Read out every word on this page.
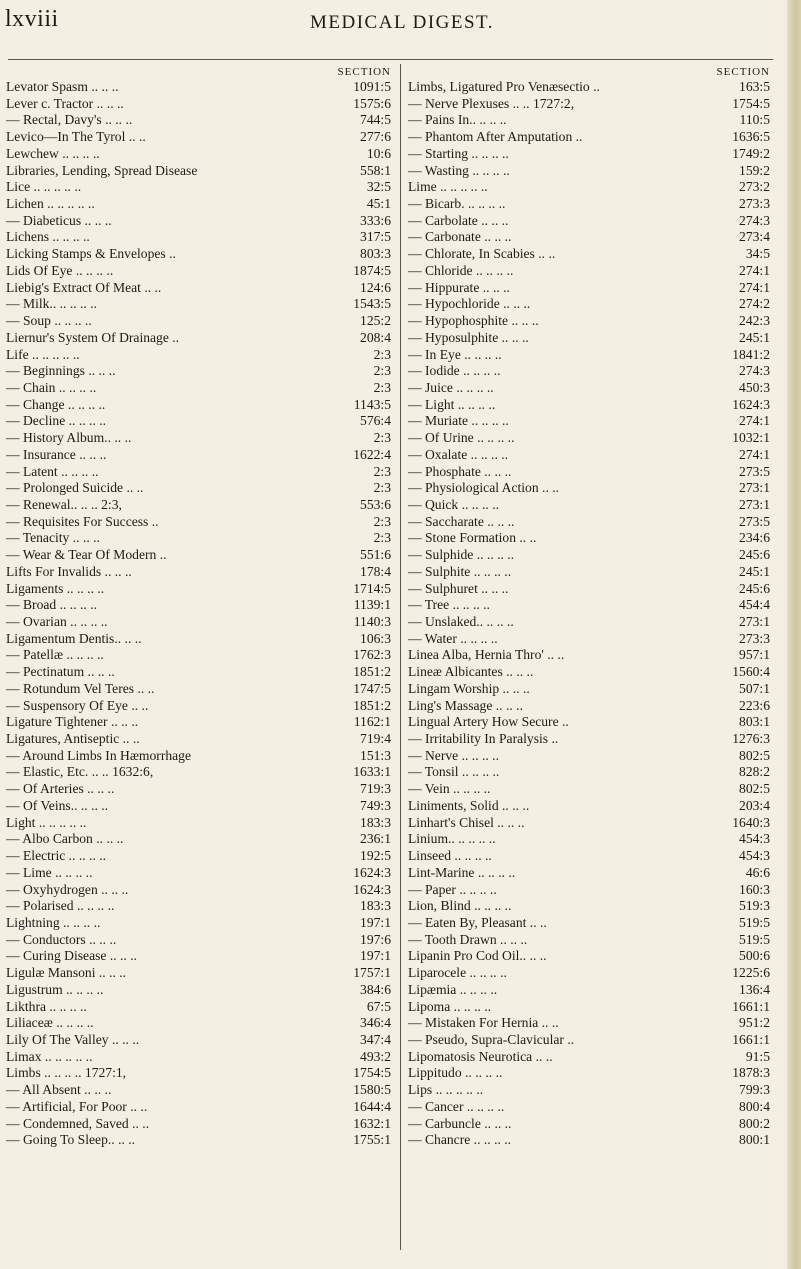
lxviii	MEDICAL DIGEST.
SECTION
Levator Spasm .. .. ..	1091:5
Lever c. Tractor .. .. ..	1575:6
— Rectal, Davy's .. .. ..	744:5
Levico—In The Tyrol .. ..	277:6
Lewchew .. .. .. ..	10:6
Libraries, Lending, Spread Disease	558:1
Lice .. .. .. .. ..	32:5
Lichen .. .. .. .. ..	45:1
— Diabeticus .. .. ..	333:6
Lichens .. .. .. ..	317:5
Licking Stamps & Envelopes ..	803:3
Lids Of Eye .. .. .. ..	1874:5
Liebig's Extract Of Meat .. ..	124:6
— Milk.. .. .. .. ..	1543:5
— Soup .. .. .. ..	125:2
Liernur's System Of Drainage ..	208:4
Life .. .. .. .. ..	2:3
— Beginnings .. .. ..	2:3
— Chain .. .. .. ..	2:3
— Change .. .. .. ..	1143:5
— Decline .. .. .. ..	576:4
— History Album.. .. ..	2:3
— Insurance .. .. ..	1622:4
— Latent .. .. .. ..	2:3
— Prolonged Suicide .. ..	2:3
— Renewal.. .. .. 2:3,	553:6
— Requisites For Success ..	2:3
— Tenacity .. .. ..	2:3
— Wear & Tear Of Modern ..	551:6
Lifts For Invalids .. .. ..	178:4
Ligaments .. .. .. ..	1714:5
— Broad .. .. .. ..	1139:1
— Ovarian .. .. .. ..	1140:3
Ligamentum Dentis.. .. ..	106:3
— Patellæ .. .. .. ..	1762:3
— Pectinatum .. .. ..	1851:2
— Rotundum Vel Teres .. ..	1747:5
— Suspensory Of Eye .. ..	1851:2
Ligature Tightener .. .. ..	1162:1
Ligatures, Antiseptic .. ..	719:4
— Around Limbs In Hæmorrhage	151:3
— Elastic, Etc. .. .. 1632:6,	1633:1
— Of Arteries .. .. ..	719:3
— Of Veins.. .. .. ..	749:3
Light .. .. .. .. ..	183:3
— Albo Carbon .. .. ..	236:1
— Electric .. .. .. ..	192:5
— Lime .. .. .. ..	1624:3
— Oxyhydrogen .. .. ..	1624:3
— Polarised .. .. .. ..	183:3
Lightning .. .. .. ..	197:1
— Conductors .. .. ..	197:6
— Curing Disease .. .. ..	197:1
Ligulæ Mansoni .. .. ..	1757:1
Ligustrum .. .. .. ..	384:6
Likthra .. .. .. ..	67:5
Liliaceæ .. .. .. ..	346:4
Lily Of The Valley .. .. ..	347:4
Limax .. .. .. .. ..	493:2
Limbs .. .. .. .. 1727:1,	1754:5
— All Absent .. .. ..	1580:5
— Artificial, For Poor .. ..	1644:4
— Condemned, Saved .. ..	1632:1
— Going To Sleep.. .. ..	1755:1
SECTION
Limbs, Ligatured Pro Venæsectio ..	163:5
— Nerve Plexuses .. .. 1727:2,	1754:5
— Pains In.. .. .. ..	110:5
— Phantom After Amputation ..	1636:5
— Starting .. .. .. ..	1749:2
— Wasting .. .. .. ..	159:2
Lime .. .. .. .. ..	273:2
— Bicarb. .. .. .. ..	273:3
— Carbolate .. .. ..	274:3
— Carbonate .. .. ..	273:4
— Chlorate, In Scabies .. ..	34:5
— Chloride .. .. .. ..	274:1
— Hippurate .. .. ..	274:1
— Hypochloride .. .. ..	274:2
— Hypophosphite .. .. ..	242:3
— Hyposulphite .. .. ..	245:1
— In Eye .. .. .. ..	1841:2
— Iodide .. .. .. ..	274:3
— Juice .. .. .. ..	450:3
— Light .. .. .. ..	1624:3
— Muriate .. .. .. ..	274:1
— Of Urine .. .. .. ..	1032:1
— Oxalate .. .. .. ..	274:1
— Phosphate .. .. ..	273:5
— Physiological Action .. ..	273:1
— Quick .. .. .. ..	273:1
— Saccharate .. .. ..	273:5
— Stone Formation .. ..	234:6
— Sulphide .. .. .. ..	245:6
— Sulphite .. .. .. ..	245:1
— Sulphuret .. .. ..	245:6
— Tree .. .. .. ..	454:4
— Unslaked.. .. .. ..	273:1
— Water .. .. .. ..	273:3
Linea Alba, Hernia Thro' .. ..	957:1
Lineæ Albicantes .. .. ..	1560:4
Lingam Worship .. .. ..	507:1
Ling's Massage .. .. ..	223:6
Lingual Artery How Secure ..	803:1
— Irritability In Paralysis ..	1276:3
— Nerve .. .. .. ..	802:5
— Tonsil .. .. .. ..	828:2
— Vein .. .. .. ..	802:5
Liniments, Solid .. .. ..	203:4
Linhart's Chisel .. .. ..	1640:3
Linium.. .. .. .. ..	454:3
Linseed .. .. .. ..	454:3
Lint-Marine .. .. .. ..	46:6
— Paper .. .. .. ..	160:3
Lion, Blind .. .. .. ..	519:3
— Eaten By, Pleasant .. ..	519:5
— Tooth Drawn .. .. ..	519:5
Lipanin Pro Cod Oil.. .. ..	500:6
Liparocele .. .. .. ..	1225:6
Lipæmia .. .. .. ..	136:4
Lipoma .. .. .. ..	1661:1
— Mistaken For Hernia .. ..	951:2
— Pseudo, Supra-Clavicular ..	1661:1
Lipomatosis Neurotica .. ..	91:5
Lippitudo .. .. .. ..	1878:3
Lips .. .. .. .. ..	799:3
— Cancer .. .. .. ..	800:4
— Carbuncle .. .. ..	800:2
— Chancre .. .. .. ..	800:1
